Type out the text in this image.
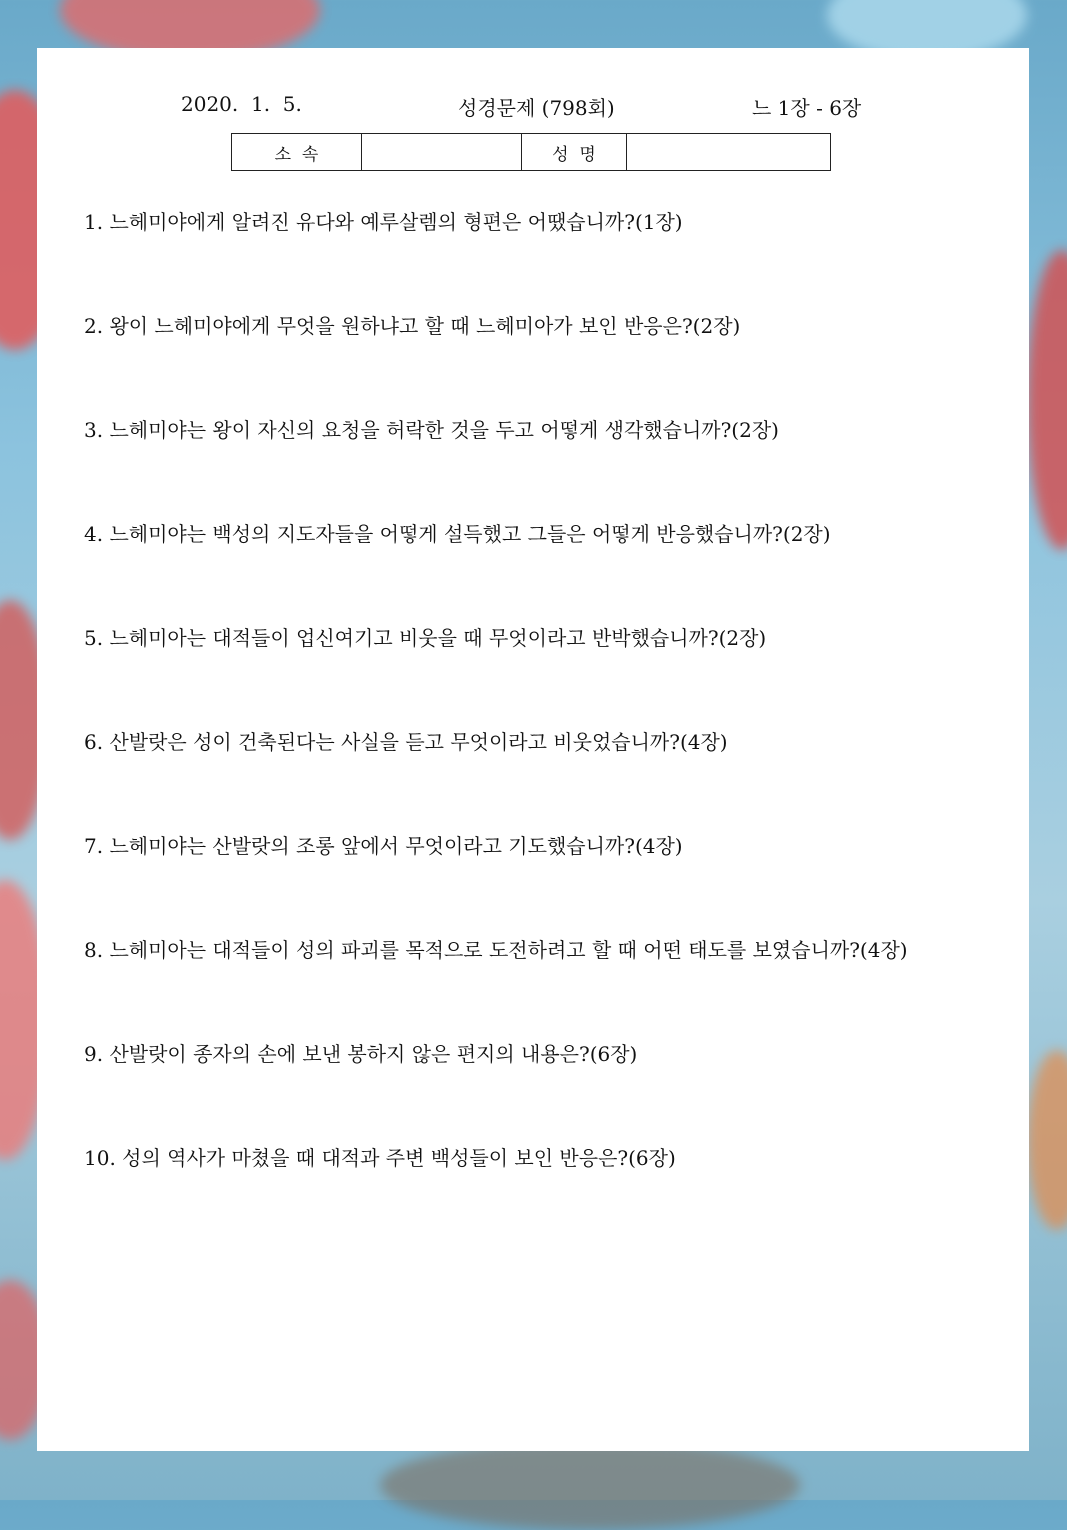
2020.  1.  5.	성경문제 (798회)	느 1장 - 6장
소  속		성  명	
1. 느헤미야에게 알려진 유다와 예루살렘의 형편은 어땠습니까?(1장)
2. 왕이 느헤미야에게 무엇을 원하냐고 할 때 느헤미아가 보인 반응은?(2장)
3. 느헤미야는 왕이 자신의 요청을 허락한 것을 두고 어떻게 생각했습니까?(2장)
4. 느헤미야는 백성의 지도자들을 어떻게 설득했고 그들은 어떻게 반응했습니까?(2장)
5. 느헤미아는 대적들이 업신여기고 비웃을 때 무엇이라고 반박했습니까?(2장)
6. 산발랏은 성이 건축된다는 사실을 듣고 무엇이라고 비웃었습니까?(4장)
7. 느헤미야는 산발랏의 조롱 앞에서 무엇이라고 기도했습니까?(4장)
8. 느헤미아는 대적들이 성의 파괴를 목적으로 도전하려고 할 때 어떤 태도를 보였습니까?(4장)
9. 산발랏이 종자의 손에 보낸 봉하지 않은 편지의 내용은?(6장)
10. 성의 역사가 마쳤을 때 대적과 주변 백성들이 보인 반응은?(6장)
